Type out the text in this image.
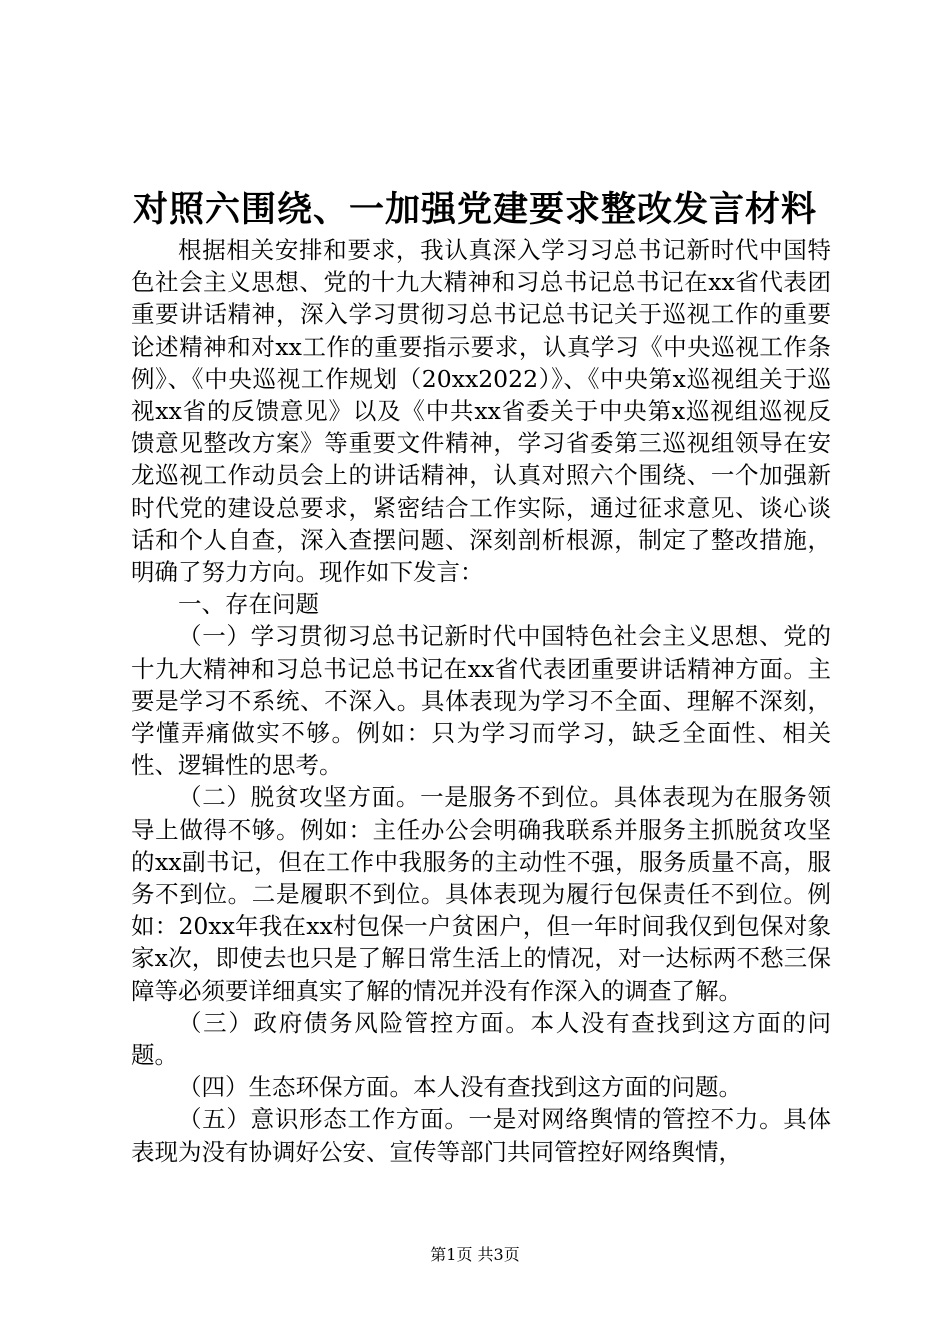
对照六围绕、一加强党建要求整改发言材料

根据相关安排和要求，我认真深入学习习总书记新时代中国特色社会主义思想、党的十九大精神和习总书记总书记在xx省代表团重要讲话精神，深入学习贯彻习总书记总书记关于巡视工作的重要论述精神和对xx工作的重要指示要求，认真学习《中央巡视工作条例》、《中央巡视工作规划（20xx2022）》、《中央第x巡视组关于巡视xx省的反馈意见》以及《中共xx省委关于中央第x巡视组巡视反馈意见整改方案》等重要文件精神，学习省委第三巡视组领导在安龙巡视工作动员会上的讲话精神，认真对照六个围绕、一个加强新时代党的建设总要求，紧密结合工作实际，通过征求意见、谈心谈话和个人自查，深入查摆问题、深刻剖析根源，制定了整改措施，明确了努力方向。现作如下发言：

一、存在问题

（一）学习贯彻习总书记新时代中国特色社会主义思想、党的十九大精神和习总书记总书记在xx省代表团重要讲话精神方面。主要是学习不系统、不深入。具体表现为学习不全面、理解不深刻，学懂弄痛做实不够。例如：只为学习而学习，缺乏全面性、相关性、逻辑性的思考。

（二）脱贫攻坚方面。一是服务不到位。具体表现为在服务领导上做得不够。例如：主任办公会明确我联系并服务主抓脱贫攻坚的xx副书记，但在工作中我服务的主动性不强，服务质量不高，服务不到位。二是履职不到位。具体表现为履行包保责任不到位。例如：20xx年我在xx村包保一户贫困户，但一年时间我仅到包保对象家x次，即使去也只是了解日常生活上的情况，对一达标两不愁三保障等必须要详细真实了解的情况并没有作深入的调查了解。

（三）政府债务风险管控方面。本人没有查找到这方面的问题。

（四）生态环保方面。本人没有查找到这方面的问题。

（五）意识形态工作方面。一是对网络舆情的管控不力。具体表现为没有协调好公安、宣传等部门共同管控好网络舆情，

第1页 共3页
